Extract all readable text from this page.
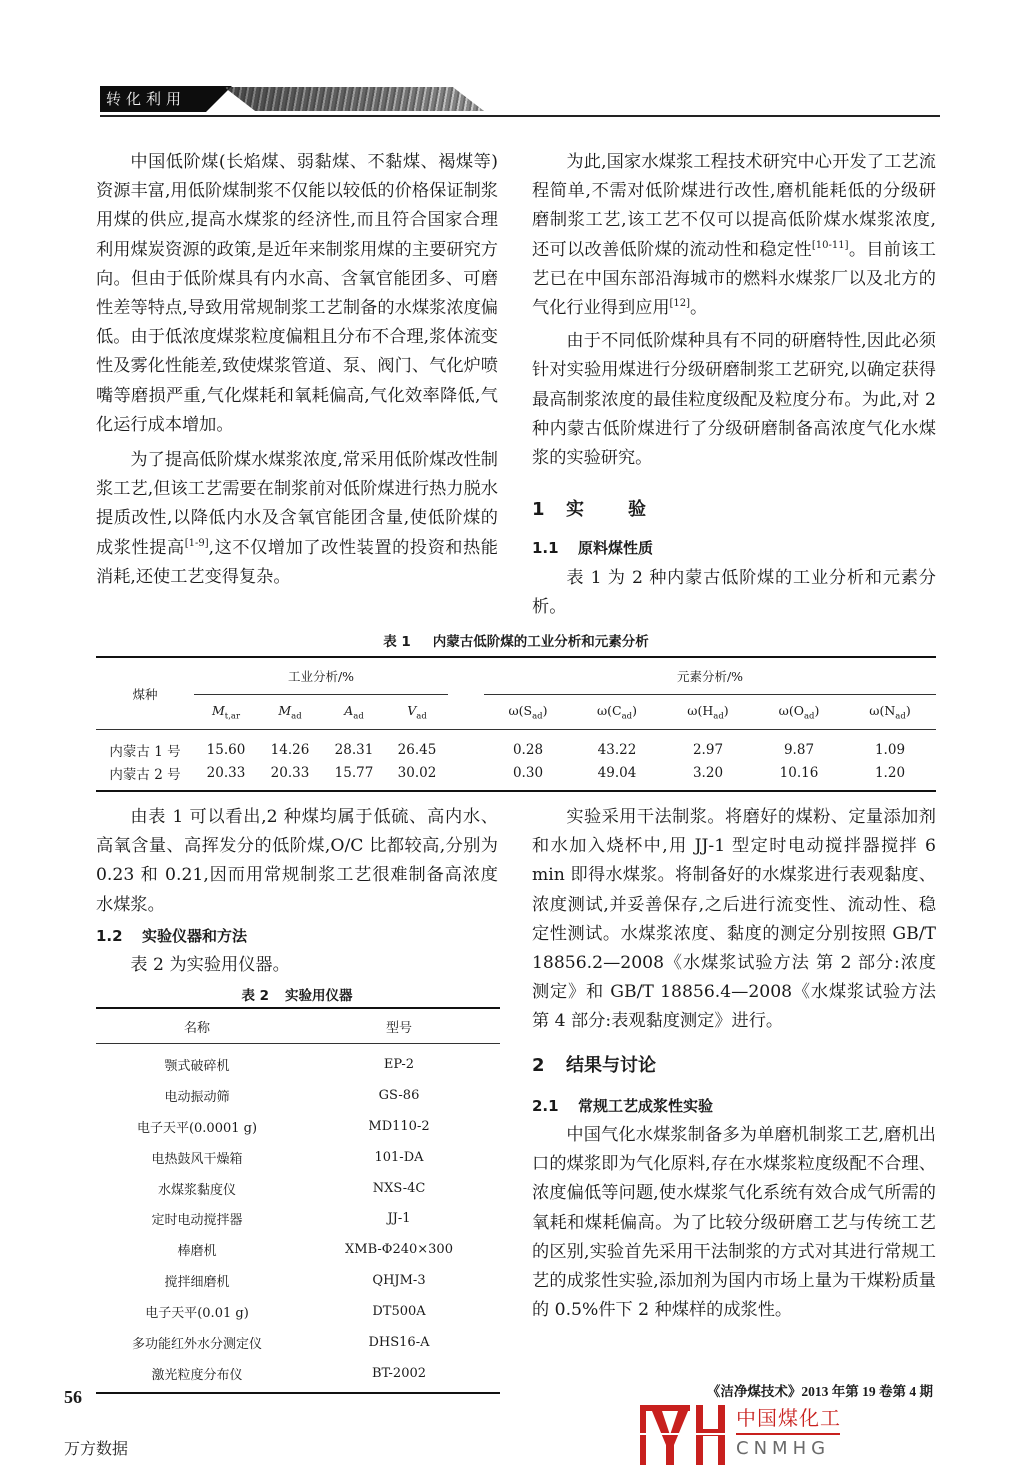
转化利用

中国低阶煤(长焰煤、弱黏煤、不黏煤、褐煤等)资源丰富,用低阶煤制浆不仅能以较低的价格保证制浆用煤的供应,提高水煤浆的经济性,而且符合国家合理利用煤炭资源的政策,是近年来制浆用煤的主要研究方向。但由于低阶煤具有内水高、含氧官能团多、可磨性差等特点,导致用常规制浆工艺制备的水煤浆浓度偏低。由于低浓度煤浆粒度偏粗且分布不合理,浆体流变性及雾化性能差,致使煤浆管道、泵、阀门、气化炉喷嘴等磨损严重,气化煤耗和氧耗偏高,气化效率降低,气化运行成本增加。

为了提高低阶煤水煤浆浓度,常采用低阶煤改性制浆工艺,但该工艺需要在制浆前对低阶煤进行热力脱水提质改性,以降低内水及含氧官能团含量,使低阶煤的成浆性提高[1-9],这不仅增加了改性装置的投资和热能消耗,还使工艺变得复杂。

为此,国家水煤浆工程技术研究中心开发了工艺流程简单,不需对低阶煤进行改性,磨机能耗低的分级研磨制浆工艺,该工艺不仅可以提高低阶煤水煤浆浓度,还可以改善低阶煤的流动性和稳定性[10-11]。目前该工艺已在中国东部沿海城市的燃料水煤浆厂以及北方的气化行业得到应用[12]。

由于不同低阶煤种具有不同的研磨特性,因此必须针对实验用煤进行分级研磨制浆工艺研究,以确定获得最高制浆浓度的最佳粒度级配及粒度分布。为此,对 2 种内蒙古低阶煤进行了分级研磨制备高浓度气化水煤浆的实验研究。

1 实 验
1.1 原料煤性质

表 1 为 2 种内蒙古低阶煤的工业分析和元素分析。

表 1 内蒙古低阶煤的工业分析和元素分析

煤种	工业分析/%					元素分析/%				
	$M_{t,ar}$	$M_{ad}$	$A_{ad}$	$V_{ad}$		$\omega(S_{ad})$	$\omega(C_{ad})$	$\omega(H_{ad})$	$\omega(O_{ad})$	$\omega(N_{ad})$

内蒙古 1 号	15.60	14.26	28.31	26.45		0.28	43.22	2.97	9.87	1.09
内蒙古 2 号	20.33	20.33	15.77	30.02		0.30	49.04	3.20	10.16	1.20

由表 1 可以看出,2 种煤均属于低硫、高内水、高氧含量、高挥发分的低阶煤,O/C 比都较高,分别为 0.23 和 0.21,因而用常规制浆工艺很难制备高浓度水煤浆。

1.2 实验仪器和方法

表 2 为实验用仪器。

表 2 实验用仪器
名称	型号
颚式破碎机	EP-2
电动振动筛	GS-86
电子天平(0.0001 g)	MD110-2
电热鼓风干燥箱	101-DA
水煤浆黏度仪	NXS-4C
定时电动搅拌器	JJ-1
棒磨机	XMB-Φ240×300
搅拌细磨机	QHJM-3
电子天平(0.01 g)	DT500A
多功能红外水分测定仪	DHS16-A
激光粒度分布仪	BT-2002

实验采用干法制浆。将磨好的煤粉、定量添加剂和水加入烧杯中,用 JJ-1 型定时电动搅拌器搅拌 6 min 即得水煤浆。将制备好的水煤浆进行表观黏度、浓度测试,并妥善保存,之后进行流变性、流动性、稳定性测试。水煤浆浓度、黏度的测定分别按照 GB/T 18856.2—2008《水煤浆试验方法 第 2 部分:浓度测定》和 GB/T 18856.4—2008《水煤浆试验方法 第 4 部分:表观黏度测定》进行。

2 结果与讨论
2.1 常规工艺成浆性实验

中国气化水煤浆制备多为单磨机制浆工艺,磨机出口的煤浆即为气化原料,存在水煤浆粒度级配不合理、浓度偏低等问题,使水煤浆气化系统有效合成气所需的氧耗和煤耗偏高。为了比较分级研磨工艺与传统工艺的区别,实验首先采用干法制浆的方式对其进行常规工艺的成浆性实验,添加剂为国内市场上量为干煤粉质量的 0.5%件下 2 种煤样的成浆性。

56	《洁净煤技术》2013 年第 19 卷第 4 期
万方数据
中国煤化工
CNMHG
